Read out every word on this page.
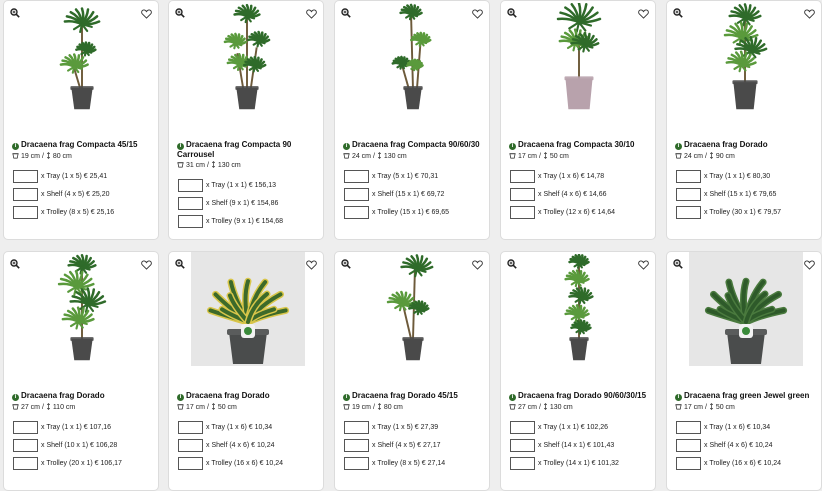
i Dracaena frag Compacta 45/15
19 cm /  80 cm
x Tray (1 x 5) € 25,41
x Shelf (4 x 5) € 25,20
x Trolley (8 x 5) € 25,16
i Dracaena frag Compacta 90 Carrousel
31 cm /  130 cm
x Tray (1 x 1) € 156,13
x Shelf (9 x 1) € 154,86
x Trolley (9 x 1) € 154,68
i Dracaena frag Compacta 90/60/30
24 cm /  130 cm
x Tray (5 x 1) € 70,31
x Shelf (15 x 1) € 69,72
x Trolley (15 x 1) € 69,65
i Dracaena frag Compacta 30/10
17 cm /  50 cm
x Tray (1 x 6) € 14,78
x Shelf (4 x 6) € 14,66
x Trolley (12 x 6) € 14,64
i Dracaena frag Dorado
24 cm /  90 cm
x Tray (1 x 1) € 80,30
x Shelf (15 x 1) € 79,65
x Trolley (30 x 1) € 79,57
i Dracaena frag Dorado
27 cm /  110 cm
x Tray (1 x 1) € 107,16
x Shelf (10 x 1) € 106,28
x Trolley (20 x 1) € 106,17
i Dracaena frag Dorado
17 cm /  50 cm
x Tray (1 x 6) € 10,34
x Shelf (4 x 6) € 10,24
x Trolley (16 x 6) € 10,24
i Dracaena frag Dorado 45/15
19 cm /  80 cm
x Tray (1 x 5) € 27,39
x Shelf (4 x 5) € 27,17
x Trolley (8 x 5) € 27,14
i Dracaena frag Dorado 90/60/30/15
27 cm /  130 cm
x Tray (1 x 1) € 102,26
x Shelf (14 x 1) € 101,43
x Trolley (14 x 1) € 101,32
i Dracaena frag green Jewel green
17 cm /  50 cm
x Tray (1 x 6) € 10,34
x Shelf (4 x 6) € 10,24
x Trolley (16 x 6) € 10,24
